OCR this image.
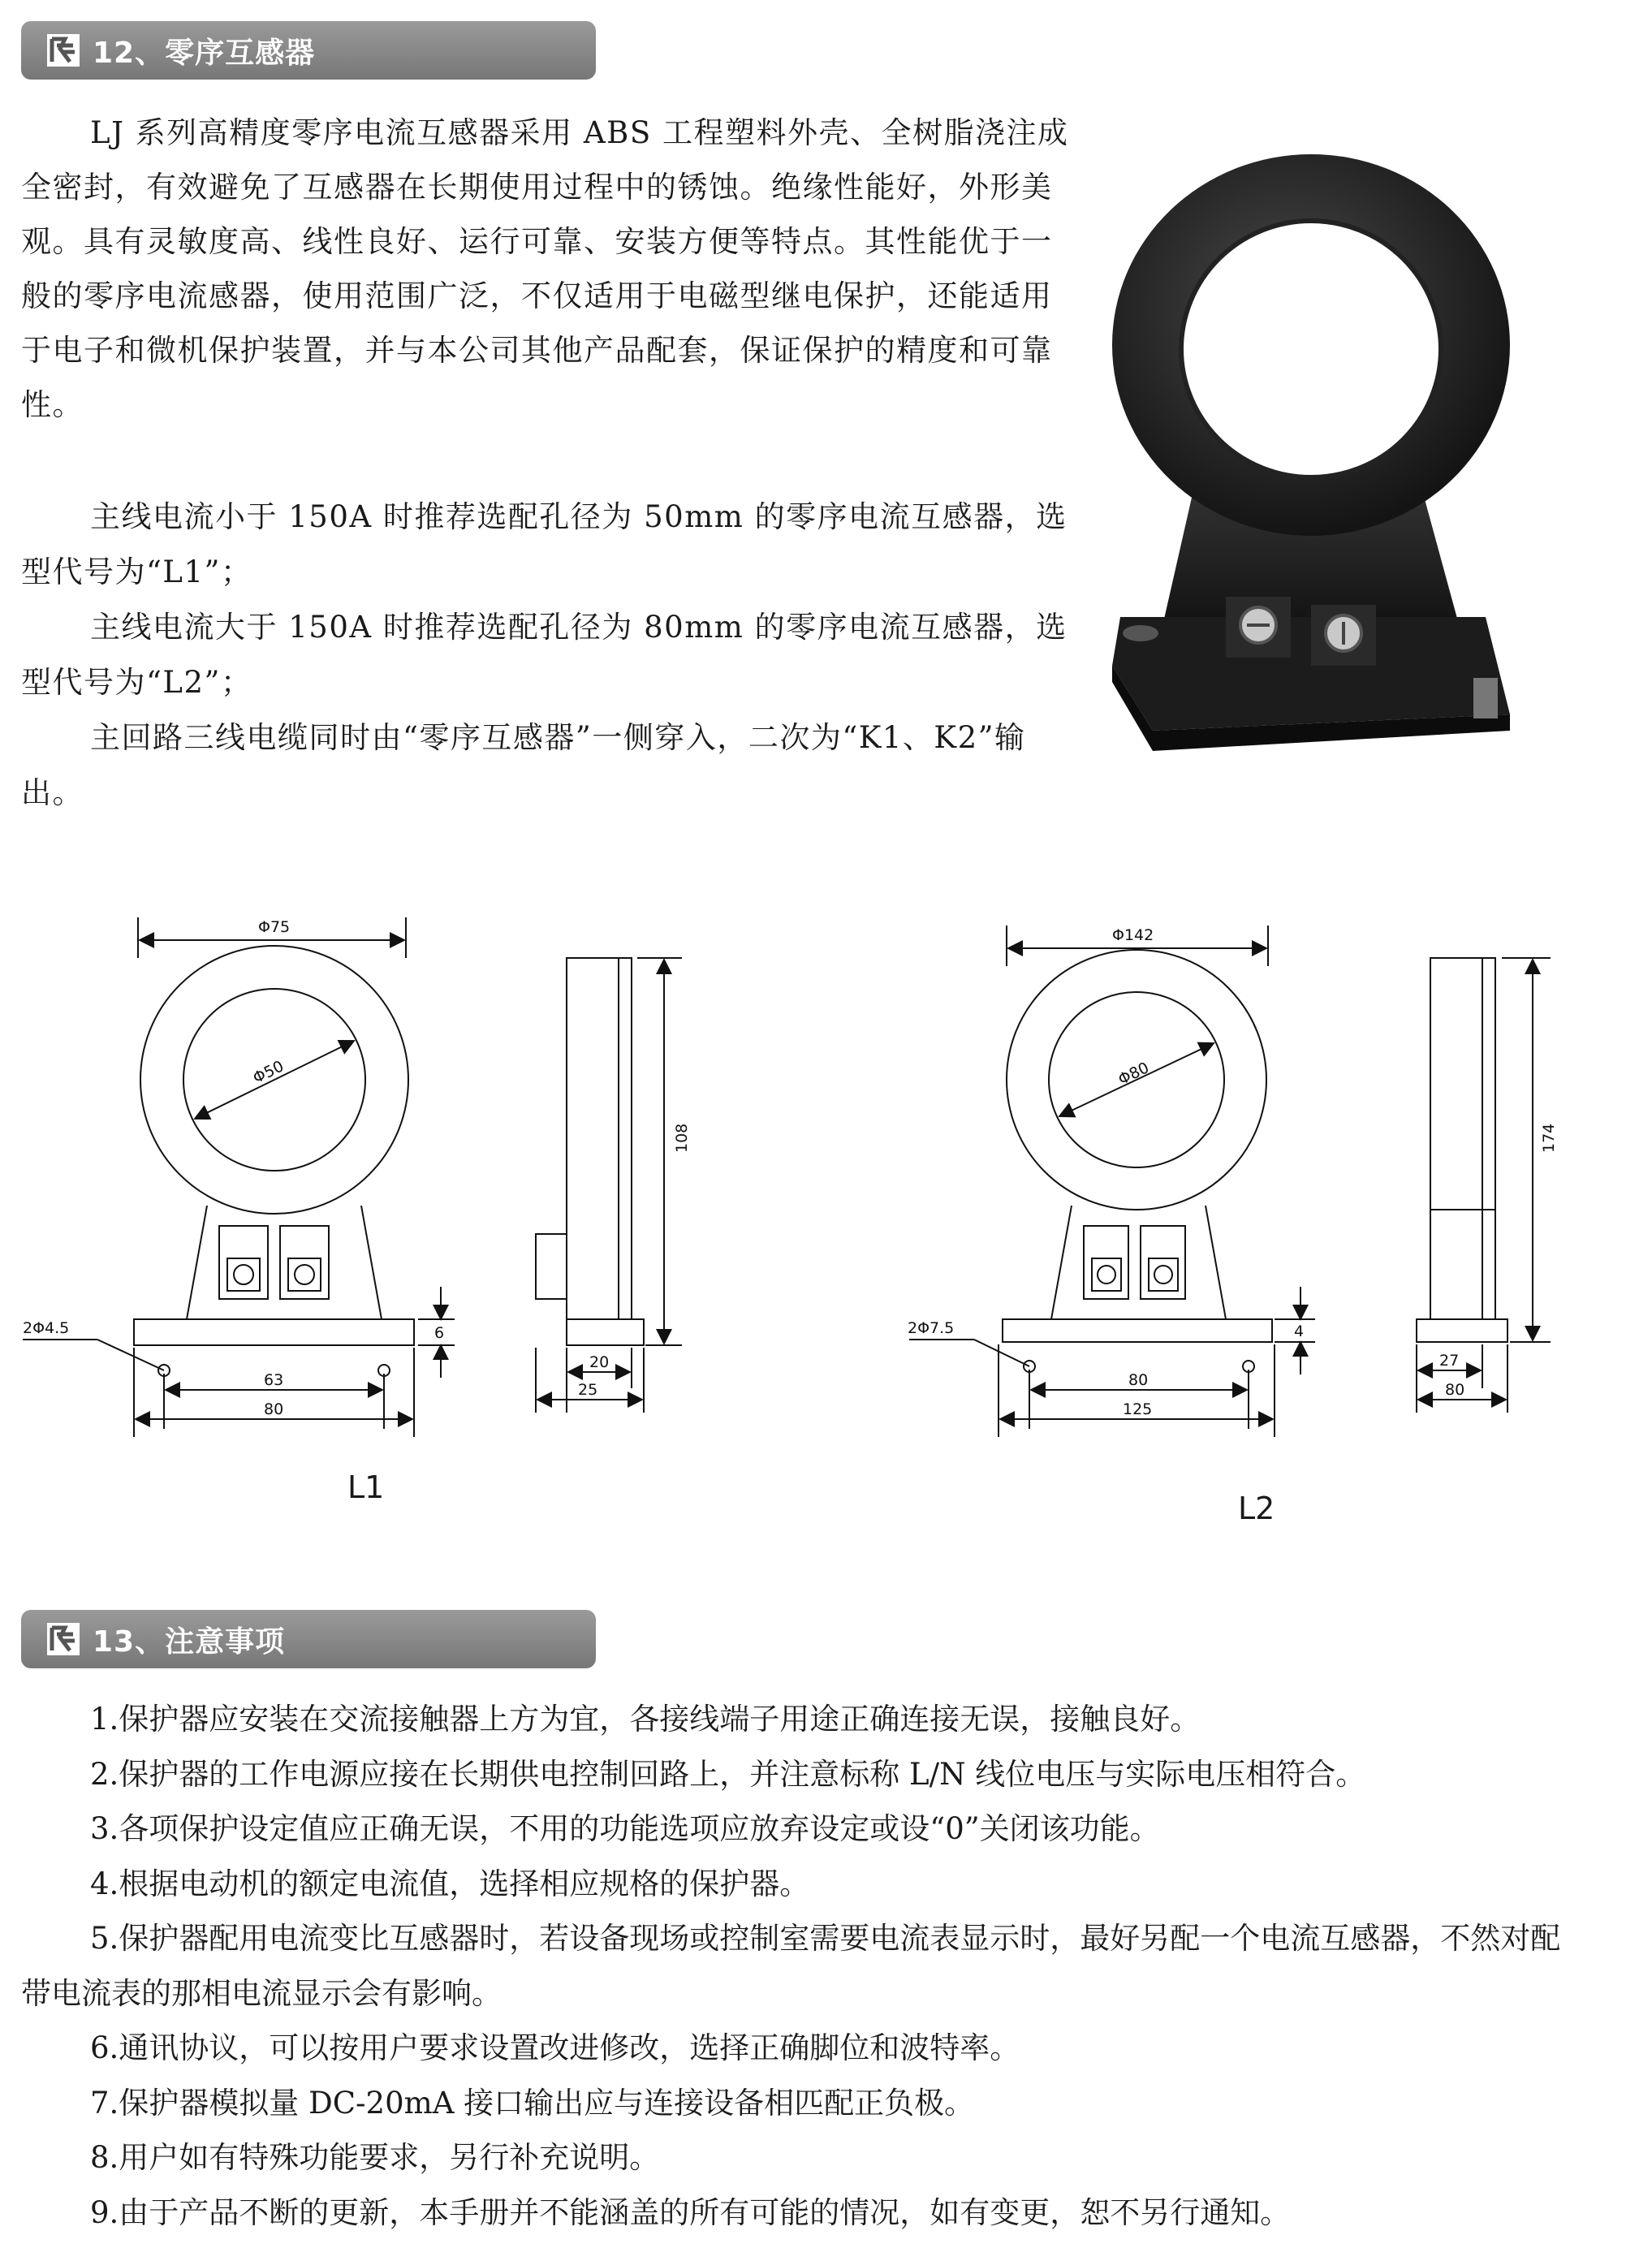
12、零序互感器

LJ 系列高精度零序电流互感器采用 ABS 工程塑料外壳、全树脂浇注成全密封，有效避免了互感器在长期使用过程中的锈蚀。绝缘性能好，外形美观。具有灵敏度高、线性良好、运行可靠、安装方便等特点。其性能优于一般的零序电流感器，使用范围广泛，不仅适用于电磁型继电保护，还能适用于电子和微机保护装置，并与本公司其他产品配套，保证保护的精度和可靠性。

主线电流小于 150A 时推荐选配孔径为 50mm 的零序电流互感器，选型代号为“L1”；
主线电流大于 150A 时推荐选配孔径为 80mm 的零序电流互感器，选型代号为“L2”；
主回路三线电缆同时由“零序互感器”一侧穿入，二次为“K1、K2”输出。
Φ75
Φ50
108
2Φ4.5	6
63
80
20
25
Φ142
Φ80
174
2Φ7.5	4
80
125
27
80
L1
L2
13、注意事项
1.保护器应安装在交流接触器上方为宜，各接线端子用途正确连接无误，接触良好。
2.保护器的工作电源应接在长期供电控制回路上，并注意标称 L/N 线位电压与实际电压相符合。
3.各项保护设定值应正确无误，不用的功能选项应放弃设定或设“0”关闭该功能。
4.根据电动机的额定电流值，选择相应规格的保护器。
5.保护器配用电流变比互感器时，若设备现场或控制室需要电流表显示时，最好另配一个电流互感器，不然对配带电流表的那相电流显示会有影响。
6.通讯协议，可以按用户要求设置改进修改，选择正确脚位和波特率。
7.保护器模拟量 DC-20mA 接口输出应与连接设备相匹配正负极。
8.用户如有特殊功能要求，另行补充说明。
9.由于产品不断的更新，本手册并不能涵盖的所有可能的情况，如有变更，恕不另行通知。
